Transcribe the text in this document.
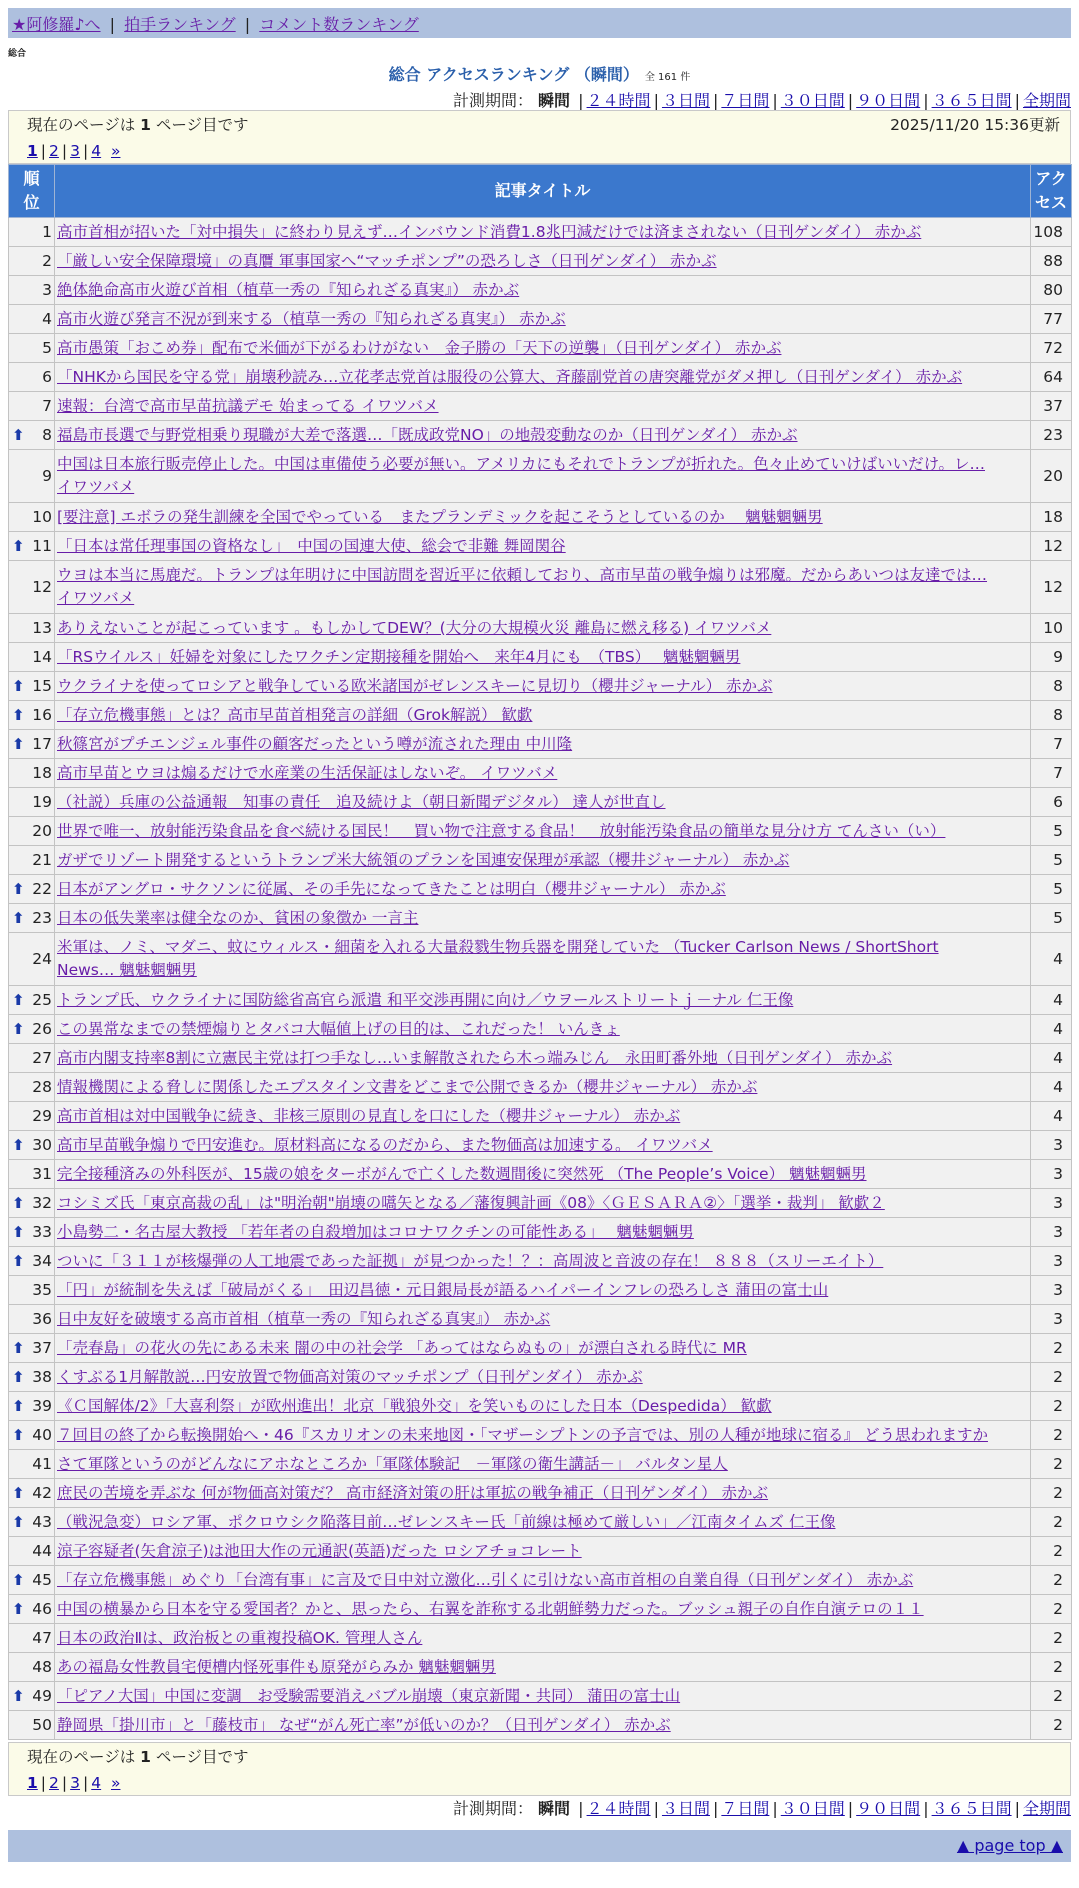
★阿修羅♪へ | 拍手ランキング | コメント数ランキング
総合
総合 アクセスランキング （瞬間） 全 161 件
計測期間： 瞬間 | ２４時間 | ３日間 | ７日間 | ３０日間 | ９０日間 | ３６５日間 | 全期間
現在のページは 1 ページ目です	2025/11/20 15:36更新
1 | 2 | 3 | 4 »
順位	記事タイトル	アクセス
1	高市首相が招いた「対中損失」に終わり見えず…インバウンド消費1.8兆円減だけでは済まされない（日刊ゲンダイ） 赤かぶ	108
2	「厳しい安全保障環境」の真贋 軍事国家へ“マッチポンプ”の恐ろしさ（日刊ゲンダイ） 赤かぶ	88
3	絶体絶命高市火遊び首相（植草一秀の『知られざる真実』） 赤かぶ	80
4	高市火遊び発言不況が到来する（植草一秀の『知られざる真実』） 赤かぶ	77
5	高市愚策「おこめ券」配布で米価が下がるわけがない　金子勝の「天下の逆襲」（日刊ゲンダイ） 赤かぶ	72
6	「NHKから国民を守る党」崩壊秒読み…立花孝志党首は服役の公算大、斉藤副党首の唐突離党がダメ押し（日刊ゲンダイ） 赤かぶ	64
7	速報：台湾で高市早苗抗議デモ 始まってる イワツバメ	37

⬆ 8	福島市長選で与野党相乗り現職が大差で落選…「既成政党NO」の地殻変動なのか（日刊ゲンダイ） 赤かぶ	23
9	中国は日本旅行販売停止した。中国は車備使う必要が無い。アメリカにもそれでトランプが折れた。色々止めていけばいいだけ。レ…
イワツバメ	20
10	[要注意] エボラの発生訓練を全国でやっている　またプランデミックを起こそうとしているのか　 魑魅魍魎男	18

⬆ 11	「日本は常任理事国の資格なし」　中国の国連大使、総会で非難 舞岡関谷	12
12	ウヨは本当に馬鹿だ。トランプは年明けに中国訪問を習近平に依頼しており、高市早苗の戦争煽りは邪魔。だからあいつは友達では…
イワツバメ	12
13	ありえないことが起こっています 。もしかしてDEW？(大分の大規模火災 離島に燃え移る) イワツバメ	10
14	「RSウイルス」妊婦を対象にしたワクチン定期接種を開始へ　来年4月にも　（TBS）　 魑魅魍魎男	9

⬆ 15	ウクライナを使ってロシアと戦争している欧米諸国がゼレンスキーに見切り（櫻井ジャーナル） 赤かぶ	8

⬆ 16	「存立危機事態」とは？高市早苗首相発言の詳細（Grok解説） 歓歔	8

⬆ 17	秋篠宮がプチエンジェル事件の顧客だったという噂が流された理由 中川隆	7
18	高市早苗とウヨは煽るだけで水産業の生活保証はしないぞ。 イワツバメ	7
19	（社説）兵庫の公益通報　知事の責任　追及続けよ（朝日新聞デジタル） 達人が世直し	6
20	世界で唯一、放射能汚染食品を食べ続ける国民！　買い物で注意する食品！　放射能汚染食品の簡単な見分け方 てんさい（い）	5
21	ガザでリゾート開発するというトランプ米大統領のプランを国連安保理が承認（櫻井ジャーナル） 赤かぶ	5

⬆ 22	日本がアングロ・サクソンに従属、その手先になってきたことは明白（櫻井ジャーナル） 赤かぶ	5

⬆ 23	日本の低失業率は健全なのか、貧困の象徴か 一言主	5
24	米軍は、ノミ、マダニ、蚊にウィルス・細菌を入れる大量殺戮生物兵器を開発していた （Tucker Carlson News / ShortShort
News… 魑魅魍魎男	4

⬆ 25	トランプ氏、ウクライナに国防総省高官ら派遣 和平交渉再開に向け／ウヲールストリートｊ－ナル 仁王像	4

⬆ 26	この異常なまでの禁煙煽りとタバコ大幅値上げの目的は、これだった！ いんきょ	4
27	高市内閣支持率8割に立憲民主党は打つ手なし…いま解散されたら木っ端みじん　永田町番外地（日刊ゲンダイ） 赤かぶ	4
28	情報機関による脅しに関係したエプスタイン文書をどこまで公開できるか（櫻井ジャーナル） 赤かぶ	4
29	高市首相は対中国戦争に続き、非核三原則の見直しを口にした（櫻井ジャーナル） 赤かぶ	4

⬆ 30	高市早苗戦争煽りで円安進む。原材料高になるのだから、また物価高は加速する。 イワツバメ	3
31	完全接種済みの外科医が、15歳の娘をターボがんで亡くした数週間後に突然死 （The People’s Voice） 魑魅魍魎男	3

⬆ 32	コシミズ氏「東京高裁の乱」は"明治朝"崩壊の嚆矢となる／藩復興計画《08》〈ＧＥＳＡＲＡ②〉「選挙・裁判」 歓歔２	3

⬆ 33	小島勢二・名古屋大教授 「若年者の自殺増加はコロナワクチンの可能性ある」　 魑魅魍魎男	3

⬆ 34	ついに「３１１が核爆弾の人工地震であった証拠」が見つかった！？：高周波と音波の存在！ ８８８（スリーエイト）	3
35	「円」が統制を失えば「破局がくる」　田辺昌徳・元日銀局長が語るハイパーインフレの恐ろしさ 蒲田の富士山	3
36	日中友好を破壊する高市首相（植草一秀の『知られざる真実』） 赤かぶ	3

⬆ 37	「売春島」の花火の先にある未来 闇の中の社会学 「あってはならぬもの」が漂白される時代に MR	2

⬆ 38	くすぶる1月解散説…円安放置で物価高対策のマッチポンプ（日刊ゲンダイ） 赤かぶ	2

⬆ 39	《Ｃ国解体/2》「大喜利祭」が欧州進出！北京「戦狼外交」を笑いものにした日本（Despedida） 歓歔	2

⬆ 40	７回目の終了から転換開始へ・46『スカリオンの未来地図・「マザーシプトンの予言では、別の人種が地球に宿る』 どう思われますか	2
41	さて軍隊というのがどんなにアホなところか「軍隊体験記　－軍隊の衛生講話－」 バルタン星人	2

⬆ 42	庶民の苦境を弄ぶな 何が物価高対策だ？ 高市経済対策の肝は軍拡の戦争補正（日刊ゲンダイ） 赤かぶ	2

⬆ 43	（戦況急変）ロシア軍、ポクロウシク陥落目前…ゼレンスキー氏「前線は極めて厳しい」／江南タイムズ 仁王像	2
44	涼子容疑者(矢倉涼子)は池田大作の元通訳(英語)だった ロシアチョコレート	2

⬆ 45	「存立危機事態」めぐり「台湾有事」に言及で日中対立激化…引くに引けない高市首相の自業自得（日刊ゲンダイ） 赤かぶ	2

⬆ 46	中国の横暴から日本を守る愛国者？かと、思ったら、右翼を詐称する北朝鮮勢力だった。ブッシュ親子の自作自演テロの１１	2
47	日本の政治Ⅱは、政治板との重複投稿OK. 管理人さん	2
48	あの福島女性教員宅便槽内怪死事件も原発がらみか 魑魅魍魎男	2

⬆ 49	「ピアノ大国」中国に変調　お受験需要消えバブル崩壊（東京新聞・共同） 蒲田の富士山	2
50	静岡県「掛川市」と「藤枝市」 なぜ“がん死亡率”が低いのか？（日刊ゲンダイ） 赤かぶ	2
現在のページは 1 ページ目です
1 | 2 | 3 | 4 »
計測期間： 瞬間 | ２４時間 | ３日間 | ７日間 | ３０日間 | ９０日間 | ３６５日間 | 全期間
▲ page top ▲
